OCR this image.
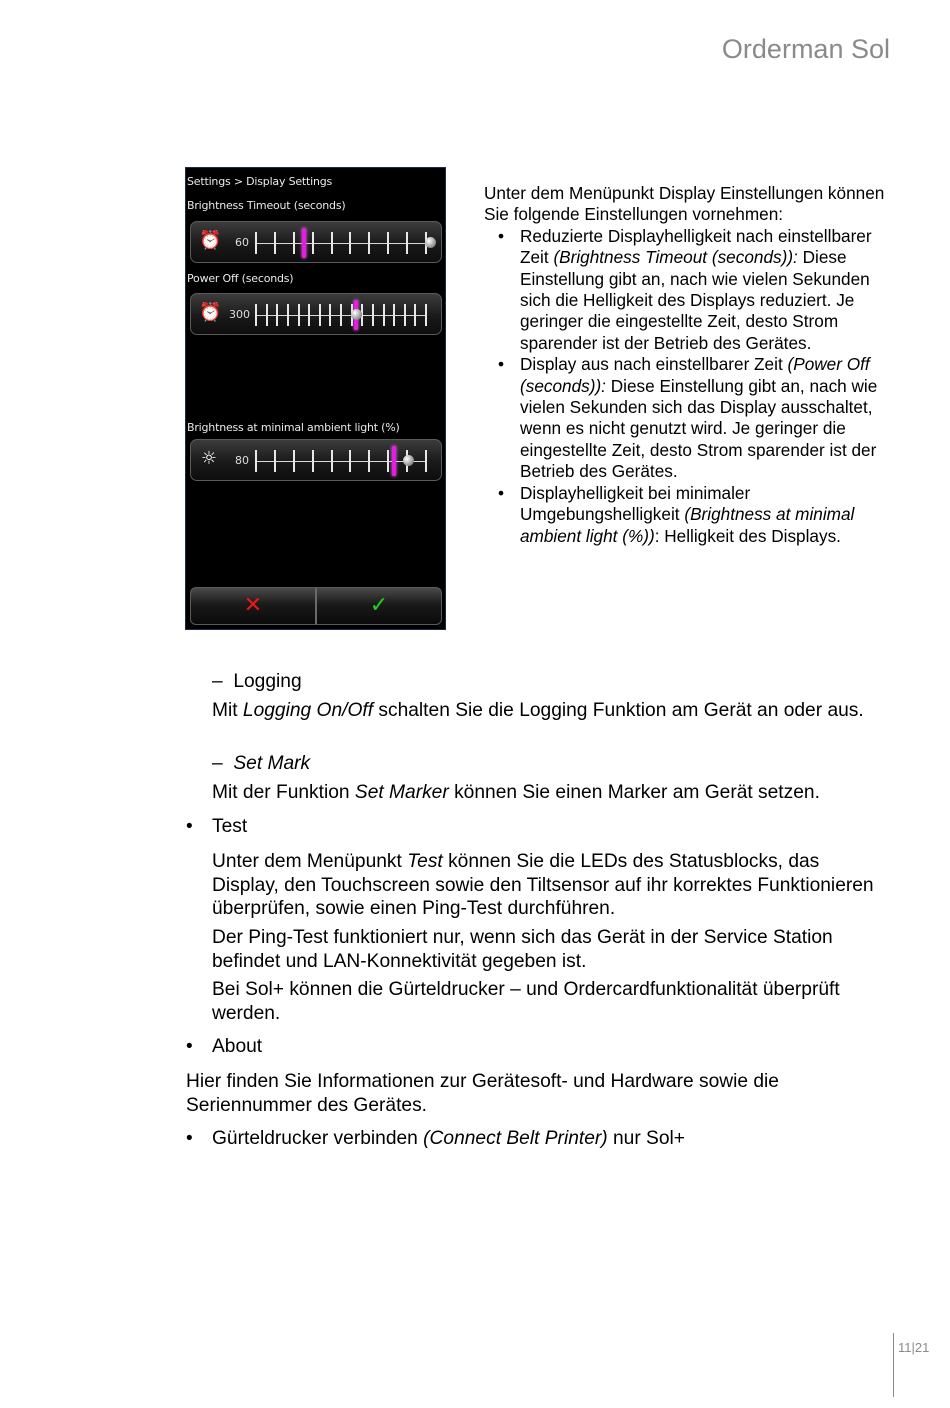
Orderman Sol
Settings > Display Settings
Brightness Timeout (seconds)
⏰ 60
Power Off (seconds)
⏰ 300
Brightness at minimal ambient light (%)
☼ 80
✕	✓
Unter dem Menüpunkt Display Einstellungen können Sie folgende Einstellungen vornehmen:
• Reduzierte Displayhelligkeit nach einstellbarer Zeit (Brightness Timeout (seconds)): Diese Einstellung gibt an, nach wie vielen Sekunden sich die Helligkeit des Displays reduziert. Je geringer die eingestellte Zeit, desto Strom sparender ist der Betrieb des Gerätes.
• Display aus nach einstellbarer Zeit (Power Off (seconds)): Diese Einstellung gibt an, nach wie vielen Sekunden sich das Display ausschaltet, wenn es nicht genutzt wird. Je geringer die eingestellte Zeit, desto Strom sparender ist der Betrieb des Gerätes.
• Displayhelligkeit bei minimaler Umgebungshelligkeit (Brightness at minimal ambient light (%)): Helligkeit des Displays.
– Logging
Mit Logging On/Off schalten Sie die Logging Funktion am Gerät an oder aus.
– Set Mark
Mit der Funktion Set Marker können Sie einen Marker am Gerät setzen.
• Test
Unter dem Menüpunkt Test können Sie die LEDs des Statusblocks, das Display, den Touchscreen sowie den Tiltsensor auf ihr korrektes Funktionieren überprüfen, sowie einen Ping-Test durchführen.
Der Ping-Test funktioniert nur, wenn sich das Gerät in der Service Station befindet und LAN-Konnektivität gegeben ist.
Bei Sol+ können die Gürteldrucker – und Ordercardfunktionalität überprüft werden.
• About
Hier finden Sie Informationen zur Gerätesoft- und Hardware sowie die Seriennummer des Gerätes.
• Gürteldrucker verbinden (Connect Belt Printer) nur Sol+
11|21
